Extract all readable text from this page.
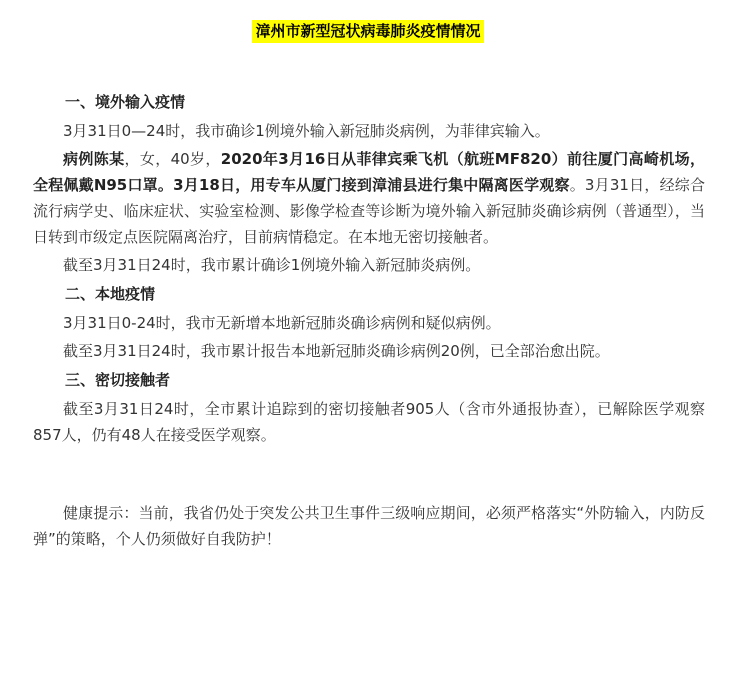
漳州市新型冠状病毒肺炎疫情情况

一、境外输入疫情

3月31日0—24时，我市确诊1例境外输入新冠肺炎病例，为菲律宾输入。

病例陈某，女，40岁，2020年3月16日从菲律宾乘飞机（航班MF820）前往厦门高崎机场，全程佩戴N95口罩。3月18日，用专车从厦门接到漳浦县进行集中隔离医学观察。3月31日，经综合流行病学史、临床症状、实验室检测、影像学检查等诊断为境外输入新冠肺炎确诊病例（普通型），当日转到市级定点医院隔离治疗，目前病情稳定。在本地无密切接触者。

截至3月31日24时，我市累计确诊1例境外输入新冠肺炎病例。

二、本地疫情

3月31日0-24时，我市无新增本地新冠肺炎确诊病例和疑似病例。

截至3月31日24时，我市累计报告本地新冠肺炎确诊病例20例，已全部治愈出院。

三、密切接触者

截至3月31日24时，全市累计追踪到的密切接触者905人（含市外通报协查），已解除医学观察857人，仍有48人在接受医学观察。

健康提示：当前，我省仍处于突发公共卫生事件三级响应期间，必须严格落实“外防输入，内防反弹”的策略，个人仍须做好自我防护！
